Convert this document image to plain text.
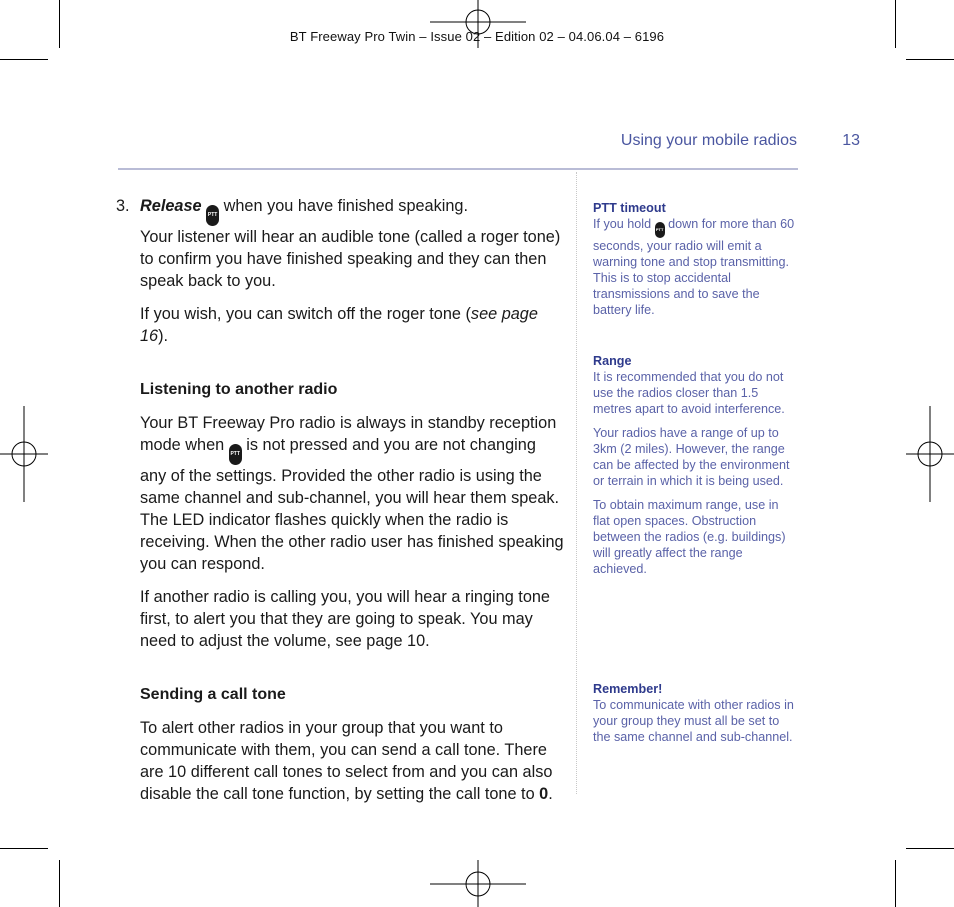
BT Freeway Pro Twin – Issue 02 – Edition 02 – 04.06.04 – 6196
Using your mobile radios	13
3. Release PTT when you have finished speaking.

Your listener will hear an audible tone (called a roger tone) to confirm you have finished speaking and they can then speak back to you.

If you wish, you can switch off the roger tone (see page 16).

Listening to another radio

Your BT Freeway Pro radio is always in standby reception mode when PTT is not pressed and you are not changing any of the settings. Provided the other radio is using the same channel and sub-channel, you will hear them speak. The LED indicator flashes quickly when the radio is receiving. When the other radio user has finished speaking you can respond.

If another radio is calling you, you will hear a ringing tone first, to alert you that they are going to speak. You may need to adjust the volume, see page 10.

Sending a call tone

To alert other radios in your group that you want to communicate with them, you can send a call tone. There are 10 different call tones to select from and you can also disable the call tone function, by setting the call tone to 0.

PTT timeout

If you hold PTT down for more than 60 seconds, your radio will emit a warning tone and stop transmitting. This is to stop accidental transmissions and to save the battery life.

Range

It is recommended that you do not use the radios closer than 1.5 metres apart to avoid interference.

Your radios have a range of up to 3km (2 miles). However, the range can be affected by the environment or terrain in which it is being used.

To obtain maximum range, use in flat open spaces. Obstruction between the radios (e.g. buildings) will greatly affect the range achieved.

Remember!

To communicate with other radios in your group they must all be set to the same channel and sub-channel.
